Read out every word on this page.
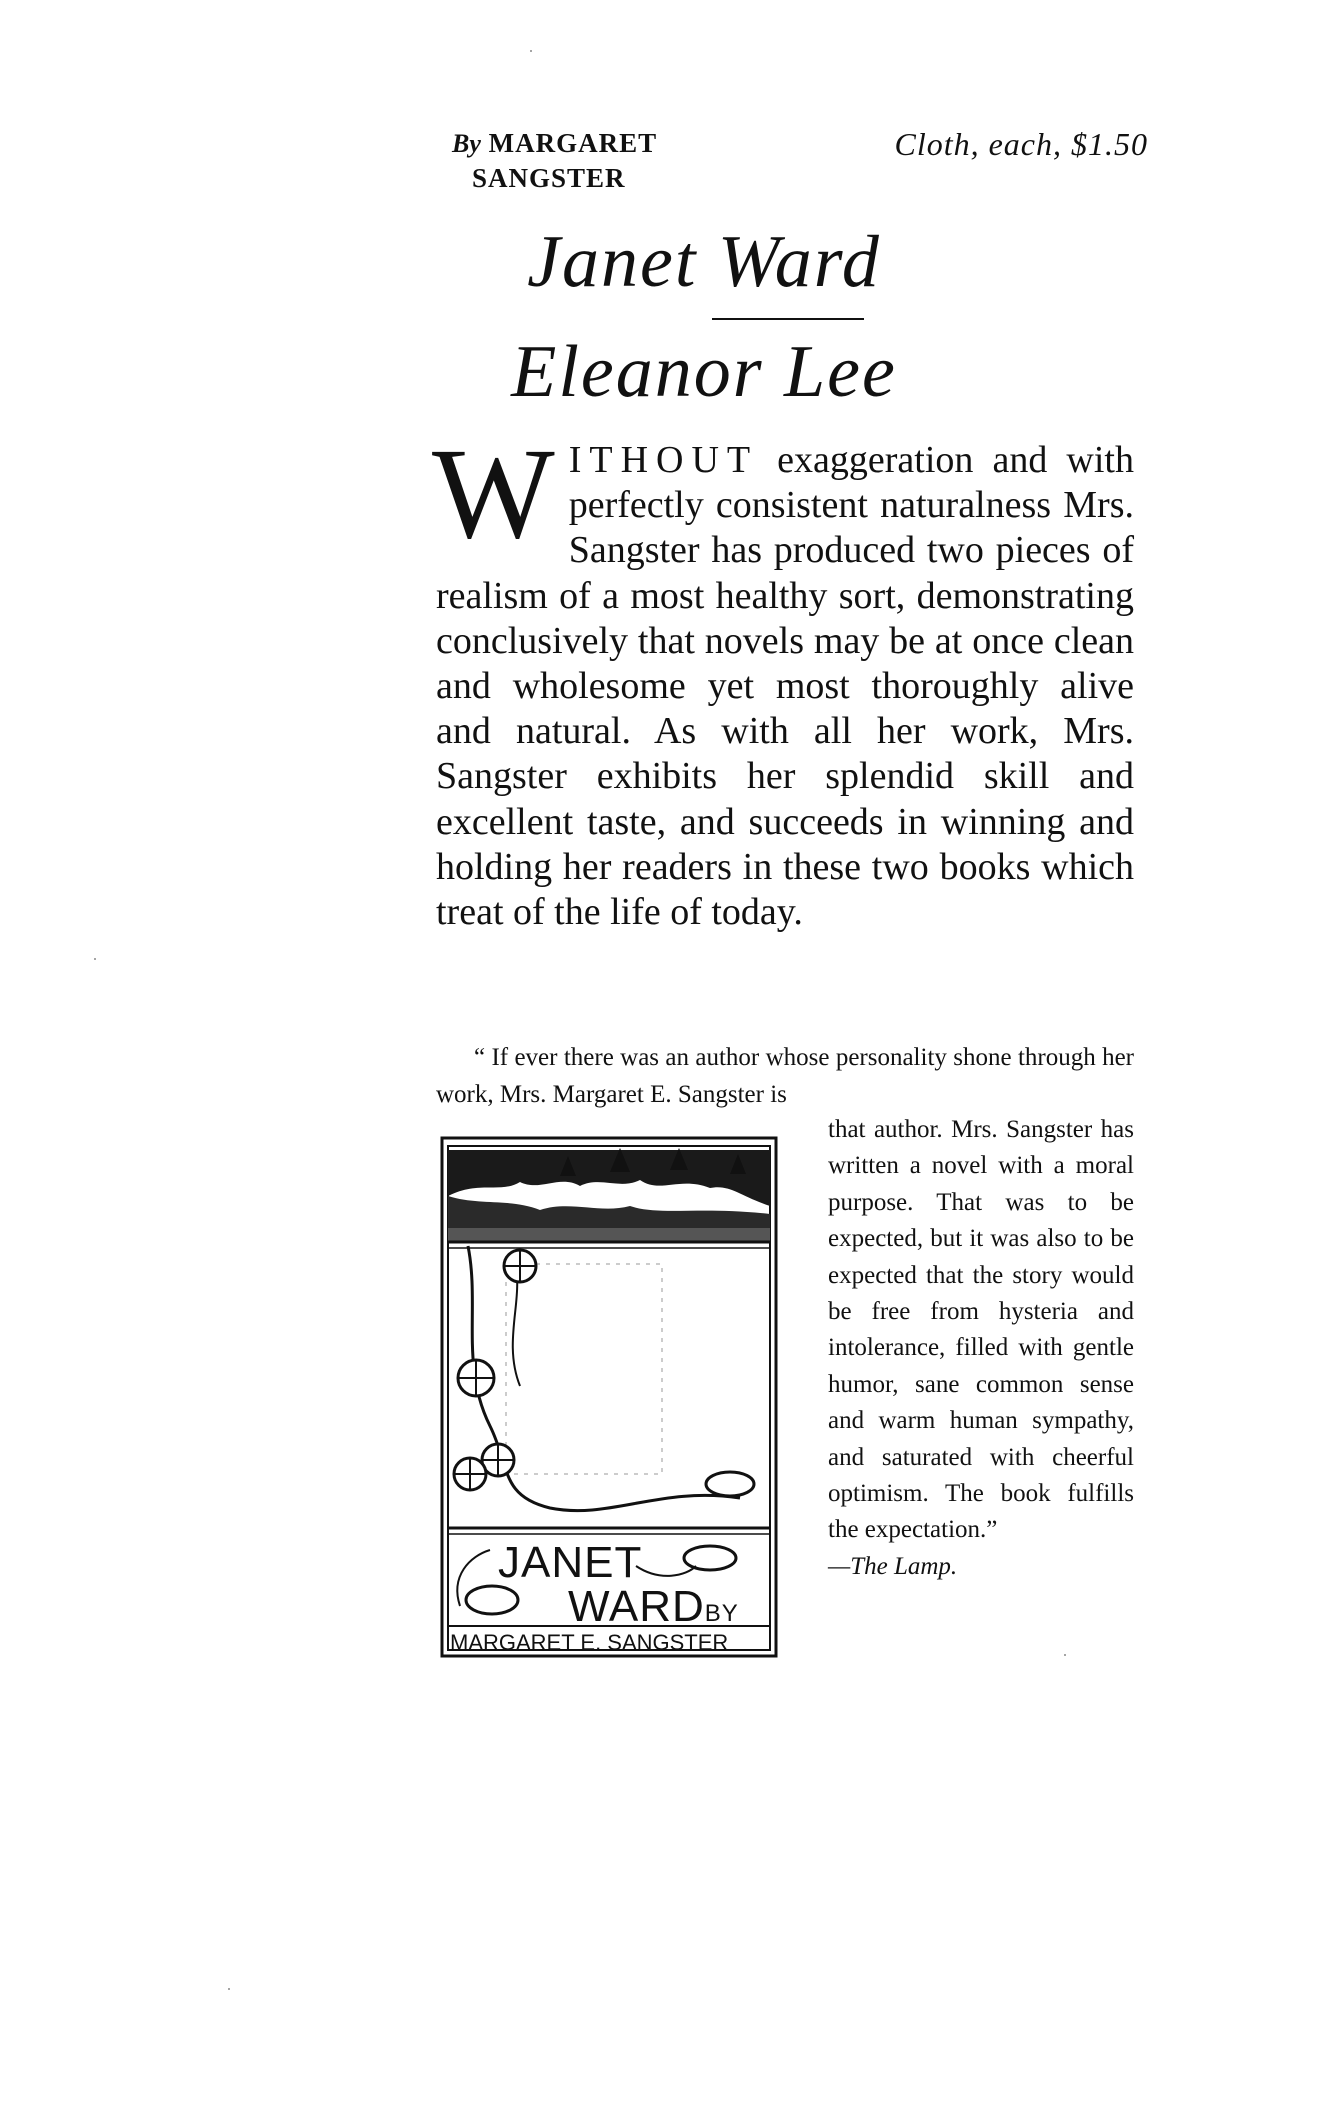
By MARGARET
SANGSTER
Cloth, each, $1.50
Janet Ward
Eleanor Lee
WITHOUT exaggeration and with perfectly consistent naturalness Mrs. Sangster has produced two pieces of realism of a most healthy sort, demonstrating conclusively that novels may be at once clean and wholesome yet most thoroughly alive and natural. As with all her work, Mrs. Sangster exhibits her splendid skill and excellent taste, and succeeds in winning and holding her readers in these two books which treat of the life of today.
“ If ever there was an author whose personality shone through her work, Mrs. Margaret E. Sangster is
JANET
WARDBY
MARGARET E. SANGSTER
that author. Mrs. Sangster has written a novel with a moral purpose. That was to be expected, but it was also to be expected that the story would be free from hysteria and intolerance, filled with gentle humor, sane common sense and warm human sympathy, and saturated with cheerful optimism. The book fulfills the expectation.”
—The Lamp.
